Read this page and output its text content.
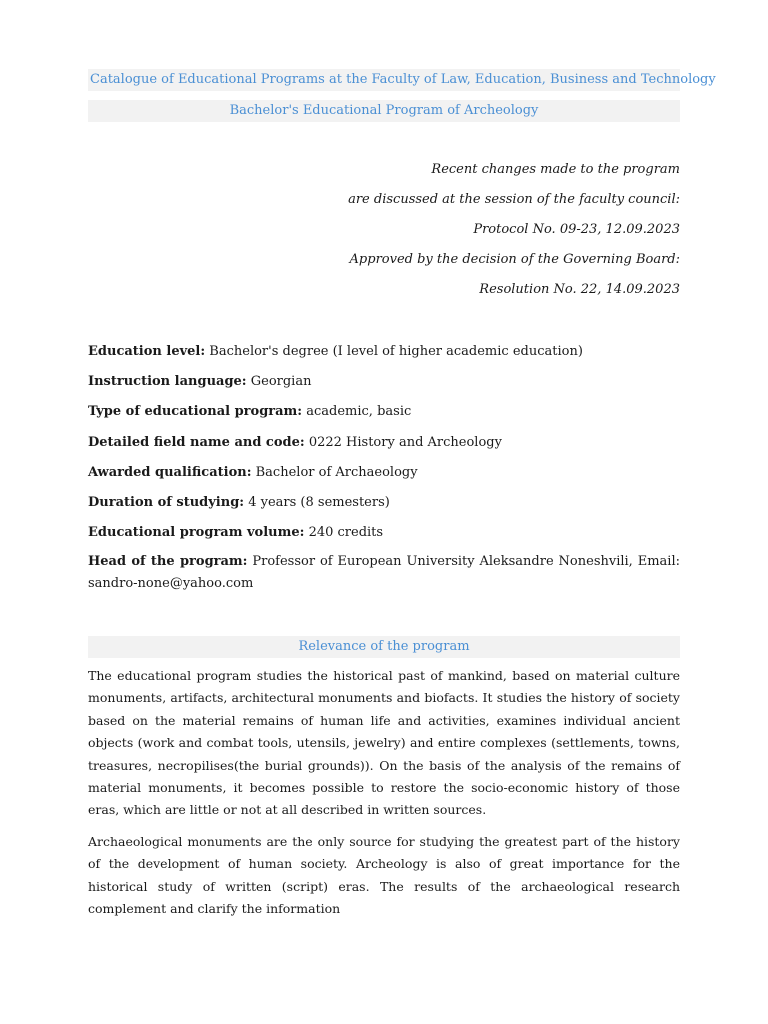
Catalogue of Educational Programs at the Faculty of Law, Education, Business and Technology
Bachelor's Educational Program of Archeology
Recent changes made to the program
are discussed at the session of the faculty council:
Protocol No. 09-23, 12.09.2023
Approved by the decision of the Governing Board:
Resolution No. 22, 14.09.2023
Education level: Bachelor's degree (I level of higher academic education)
Instruction language: Georgian
Type of educational program: academic, basic
Detailed field name and code: 0222 History and Archeology
Awarded qualification: Bachelor of Archaeology
Duration of studying: 4 years (8 semesters)
Educational program volume: 240 credits
Head of the program: Professor of European University Aleksandre Noneshvili, Email: sandro-none@yahoo.com
Relevance of the program

The educational program studies the historical past of mankind, based on material culture monuments, artifacts, architectural monuments and biofacts. It studies the history of society based on the material remains of human life and activities, examines individual ancient objects (work and combat tools, utensils, jewelry) and entire complexes (settlements, towns, treasures, necropilises(the burial grounds)). On the basis of the analysis of the remains of material monuments, it becomes possible to restore the socio-economic history of those eras, which are little or not at all described in written sources.

Archaeological monuments are the only source for studying the greatest part of the history of the development of human society. Archeology is also of great importance for the historical study of written (script) eras. The results of the archaeological research complement and clarify the information
